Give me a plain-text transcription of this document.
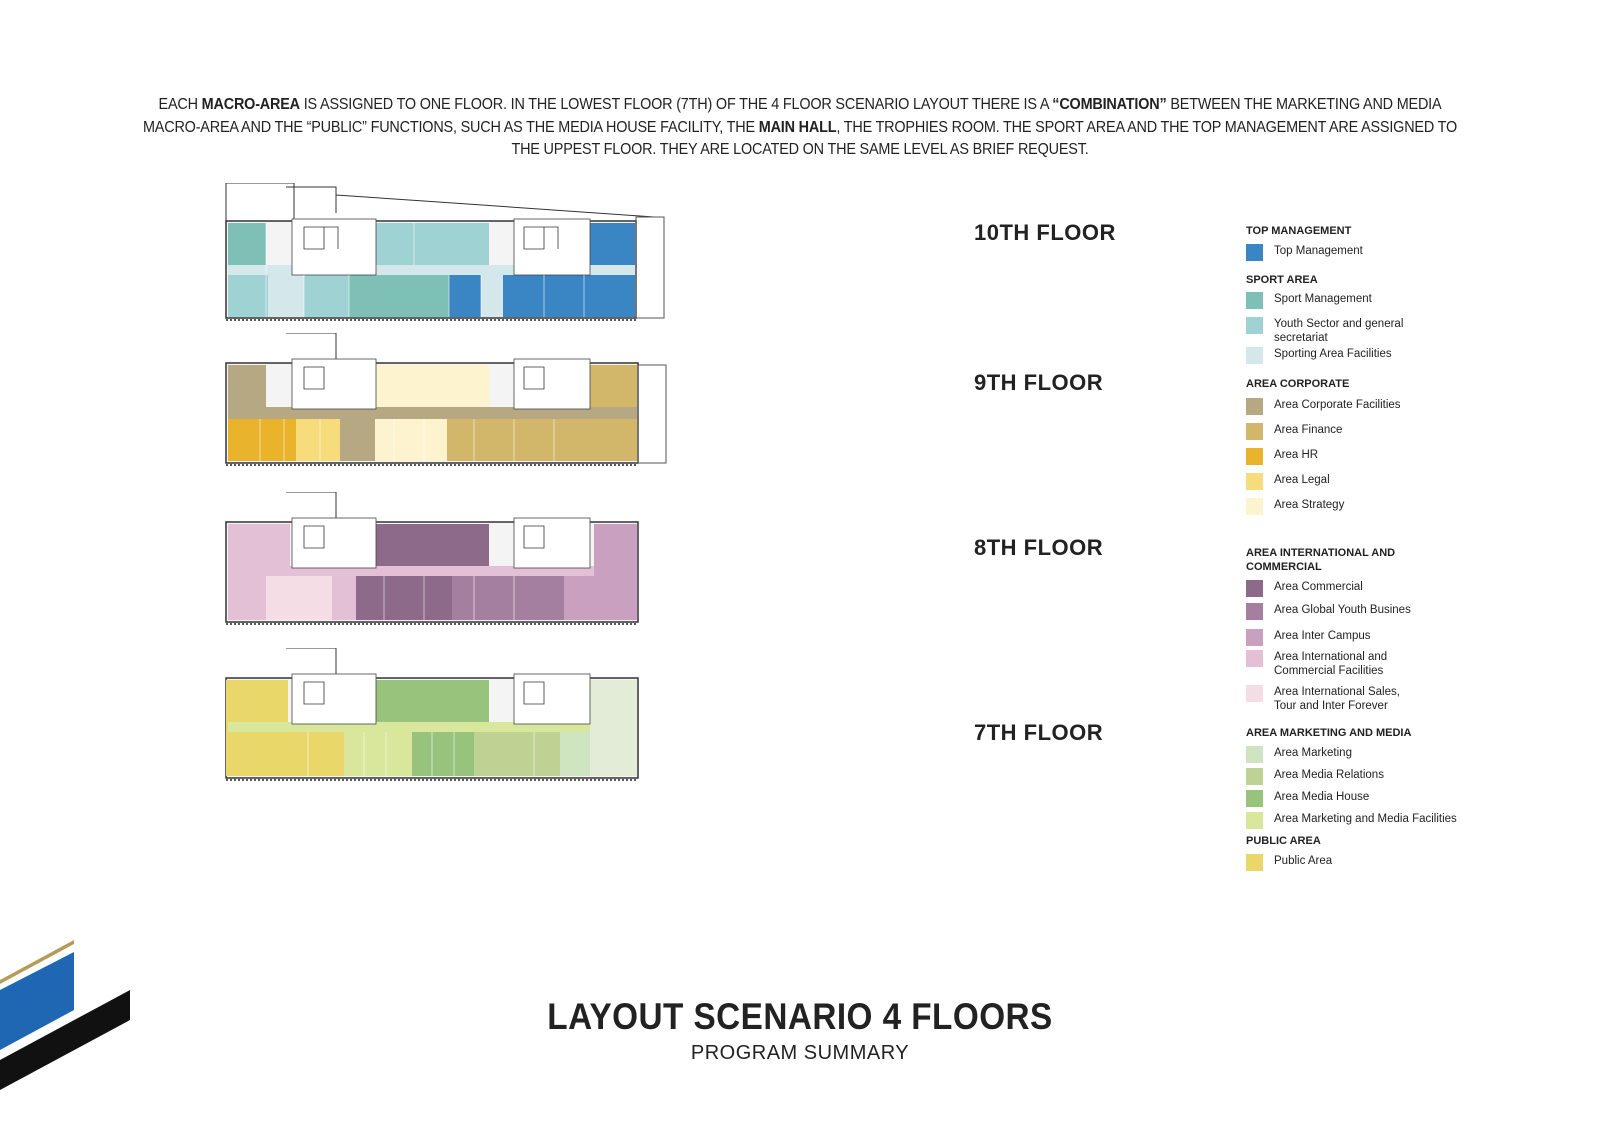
EACH MACRO-AREA IS ASSIGNED TO ONE FLOOR. IN THE LOWEST FLOOR (7TH) OF THE 4 FLOOR SCENARIO LAYOUT THERE IS A “COMBINATION” BETWEEN THE MARKETING AND MEDIA MACRO-AREA AND THE “PUBLIC” FUNCTIONS, SUCH AS THE MEDIA HOUSE FACILITY, THE MAIN HALL, THE TROPHIES ROOM. THE SPORT AREA AND THE TOP MANAGEMENT ARE ASSIGNED TO THE UPPEST FLOOR. THEY ARE LOCATED ON THE SAME LEVEL AS BRIEF REQUEST.
10TH FLOOR
9TH FLOOR
8TH FLOOR
7TH FLOOR
TOP MANAGEMENT
Top Management
SPORT AREA
Sport Management
Youth Sector and general secretariat
Sporting Area Facilities
AREA CORPORATE
Area Corporate Facilities
Area Finance
Area HR
Area Legal
Area Strategy
AREA INTERNATIONAL AND COMMERCIAL
Area Commercial
Area Global Youth Busines
Area Inter Campus
Area International and Commercial Facilities
Area International Sales, Tour and Inter Forever
AREA MARKETING AND MEDIA
Area Marketing
Area Media Relations
Area Media House
Area Marketing and Media Facilities
PUBLIC AREA
Public Area
LAYOUT SCENARIO 4 FLOORS
PROGRAM SUMMARY
